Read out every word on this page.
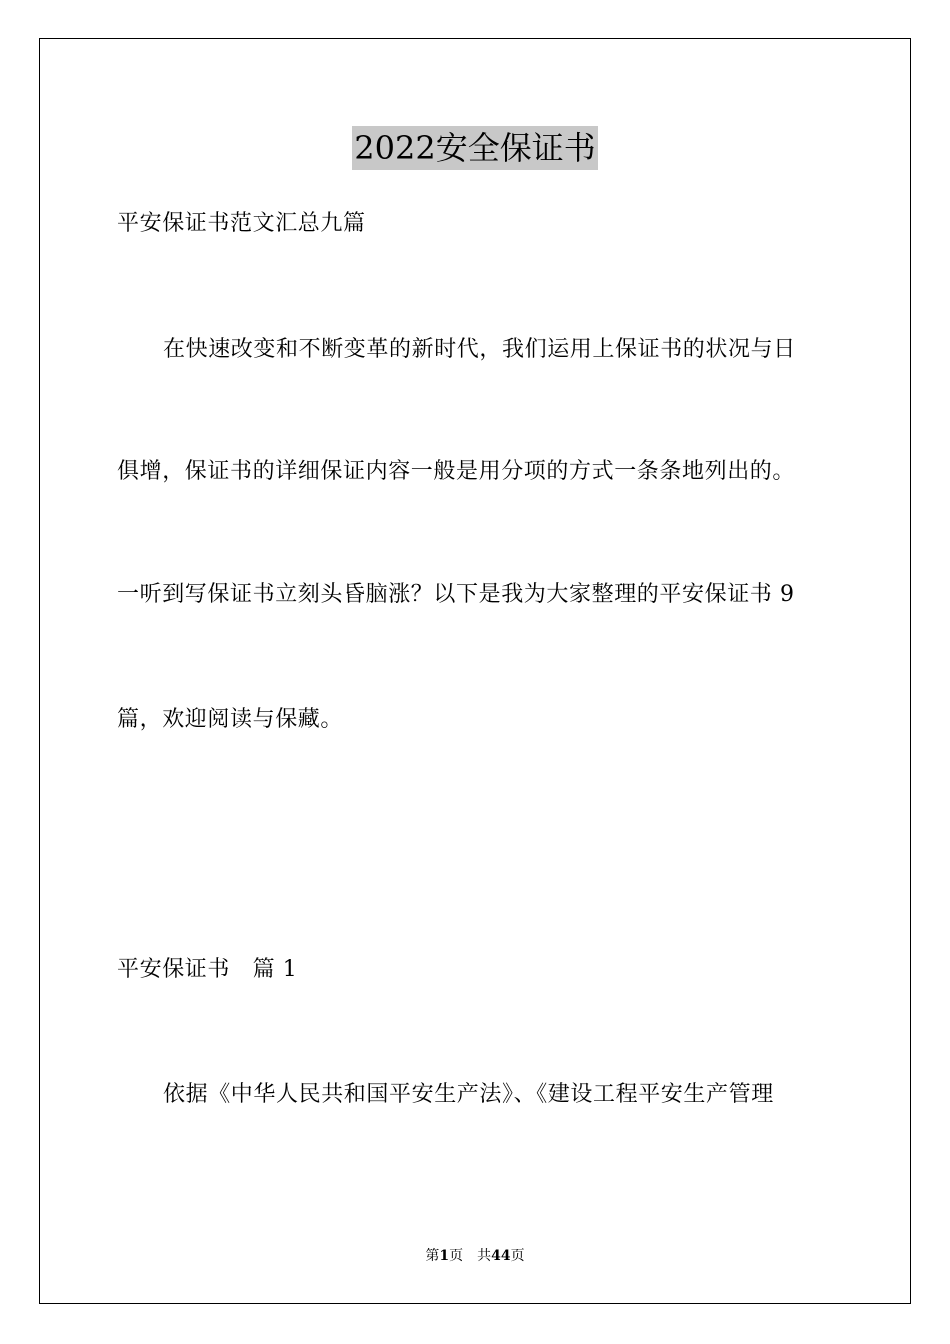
2022安全保证书
平安保证书范文汇总九篇
在快速改变和不断变革的新时代，我们运用上保证书的状况与日
俱增，保证书的详细保证内容一般是用分项的方式一条条地列出的。
一听到写保证书立刻头昏脑涨？以下是我为大家整理的平安保证书 9
篇，欢迎阅读与保藏。
平安保证书　篇 1
依据《中华人民共和国平安生产法》、《建设工程平安生产管理
第1页　共44页
